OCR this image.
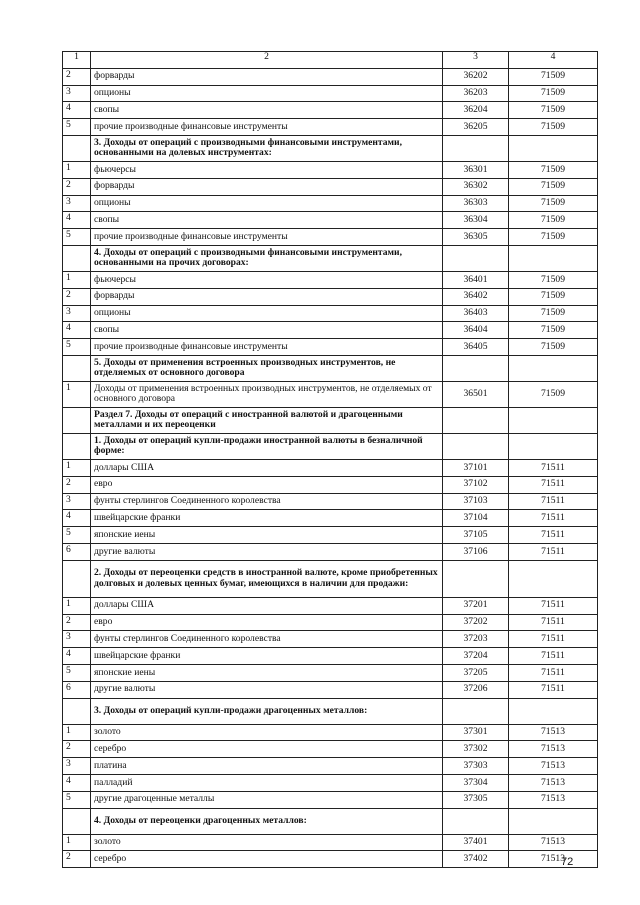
1	2	3	4
2	форварды	36202	71509
3	опционы	36203	71509
4	свопы	36204	71509
5	прочие производные финансовые инструменты	36205	71509
	3. Доходы от операций с производными финансовыми инструментами, основанными на долевых инструментах:		
1	фьючерсы	36301	71509
2	форварды	36302	71509
3	опционы	36303	71509
4	свопы	36304	71509
5	прочие производные финансовые инструменты	36305	71509
	4. Доходы от операций с производными финансовыми инструментами, основанными на прочих договорах:		
1	фьючерсы	36401	71509
2	форварды	36402	71509
3	опционы	36403	71509
4	свопы	36404	71509
5	прочие производные финансовые инструменты	36405	71509
	5. Доходы от применения встроенных производных инструментов, не отделяемых от основного договора		
1	Доходы от применения встроенных производных инструментов, не отделяемых от основного договора	36501	71509
	Раздел 7. Доходы от операций с иностранной валютой и драгоценными металлами и их переоценки		
	1. Доходы от операций купли-продажи иностранной валюты в безналичной форме:		
1	доллары США	37101	71511
2	евро	37102	71511
3	фунты стерлингов Соединенного королевства	37103	71511
4	швейцарские франки	37104	71511
5	японские иены	37105	71511
6	другие валюты	37106	71511
	2. Доходы от переоценки средств в иностранной валюте, кроме приобретенных долговых и долевых ценных бумаг, имеющихся в наличии для продажи:		
1	доллары США	37201	71511
2	евро	37202	71511
3	фунты стерлингов Соединенного королевства	37203	71511
4	швейцарские франки	37204	71511
5	японские иены	37205	71511
6	другие валюты	37206	71511
	3. Доходы от операций купли-продажи драгоценных металлов:		
1	золото	37301	71513
2	серебро	37302	71513
3	платина	37303	71513
4	палладий	37304	71513
5	другие драгоценные металлы	37305	71513
	4. Доходы от переоценки драгоценных металлов:		
1	золото	37401	71513
2	серебро	37402	71513
72
